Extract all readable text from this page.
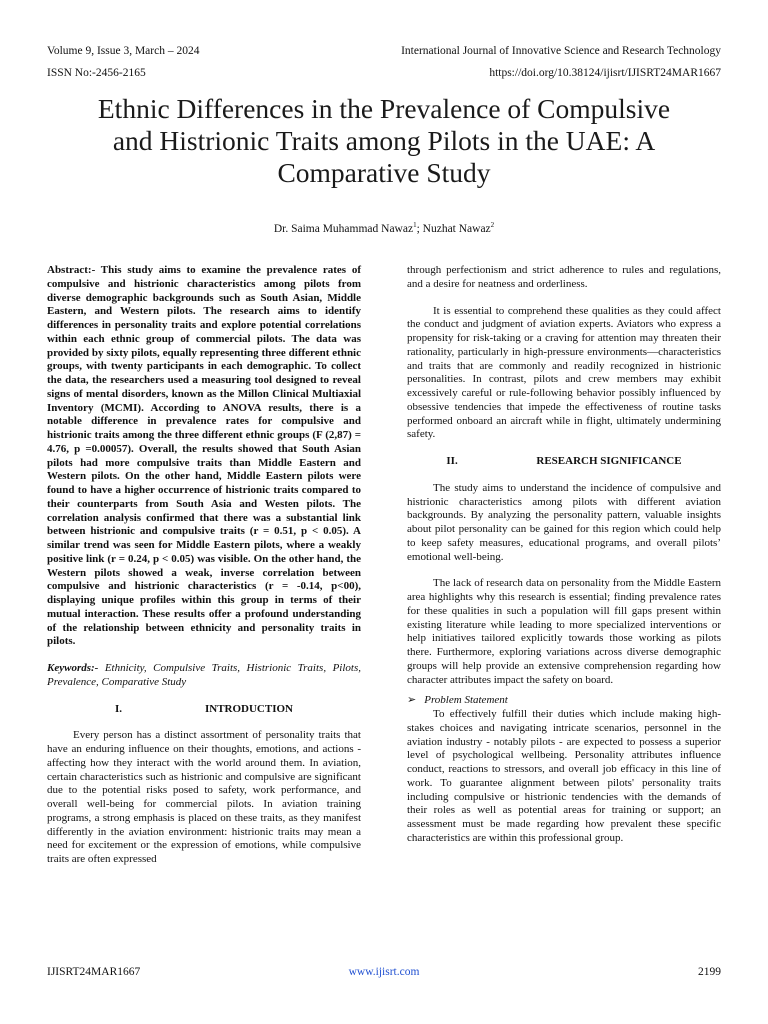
Volume 9, Issue 3, March – 2024	International Journal of Innovative Science and Research Technology
ISSN No:-2456-2165	https://doi.org/10.38124/ijisrt/IJISRT24MAR1667
Ethnic Differences in the Prevalence of Compulsive and Histrionic Traits among Pilots in the UAE: A Comparative Study
Dr. Saima Muhammad Nawaz$^1$; Nuzhat Nawaz$^2$

Abstract:- This study aims to examine the prevalence rates of compulsive and histrionic characteristics among pilots from diverse demographic backgrounds such as South Asian, Middle Eastern, and Western pilots. The research aims to identify differences in personality traits and explore potential correlations within each ethnic group of commercial pilots. The data was provided by sixty pilots, equally representing three different ethnic groups, with twenty participants in each demographic. To collect the data, the researchers used a measuring tool designed to reveal signs of mental disorders, known as the Millon Clinical Multiaxial Inventory (MCMI). According to ANOVA results, there is a notable difference in prevalence rates for compulsive and histrionic traits among the three different ethnic groups (F (2,87) = 4.76, p =0.00057). Overall, the results showed that South Asian pilots had more compulsive traits than Middle Eastern and Western pilots. On the other hand, Middle Eastern pilots were found to have a higher occurrence of histrionic traits compared to their counterparts from South Asia and Westen pilots. The correlation analysis confirmed that there was a substantial link between histrionic and compulsive traits (r = 0.51, p < 0.05). A similar trend was seen for Middle Eastern pilots, where a weakly positive link (r = 0.24, p < 0.05) was visible. On the other hand, the Western pilots showed a weak, inverse correlation between compulsive and histrionic characteristics (r = -0.14, p<00), displaying unique profiles within this group in terms of their mutual interaction. These results offer a profound understanding of the relationship between ethnicity and personality traits in pilots.

Keywords:- Ethnicity, Compulsive Traits, Histrionic Traits, Pilots, Prevalence, Comparative Study

I.	INTRODUCTION

Every person has a distinct assortment of personality traits that have an enduring influence on their thoughts, emotions, and actions - affecting how they interact with the world around them. In aviation, certain characteristics such as histrionic and compulsive are significant due to the potential risks posed to safety, work performance, and overall well-being for commercial pilots. In aviation training programs, a strong emphasis is placed on these traits, as they manifest differently in the aviation environment: histrionic traits may mean a need for excitement or the expression of emotions, while compulsive traits are often expressed

through perfectionism and strict adherence to rules and regulations, and a desire for neatness and orderliness.

It is essential to comprehend these qualities as they could affect the conduct and judgment of aviation experts. Aviators who express a propensity for risk-taking or a craving for attention may threaten their rationality, particularly in high-pressure environments—characteristics and traits that are commonly and readily recognized in histrionic personalities. In contrast, pilots and crew members may exhibit excessively careful or rule-following behavior possibly influenced by obsessive tendencies that impede the effectiveness of routine tasks performed onboard an aircraft while in flight, ultimately undermining safety.

II.	RESEARCH SIGNIFICANCE

The study aims to understand the incidence of compulsive and histrionic characteristics among pilots with different aviation backgrounds. By analyzing the personality pattern, valuable insights about pilot personality can be gained for this region which could help to keep safety measures, educational programs, and overall pilots’ emotional well-being.

The lack of research data on personality from the Middle Eastern area highlights why this research is essential; finding prevalence rates for these qualities in such a population will fill gaps present within existing literature while leading to more specialized interventions or help initiatives tailored explicitly towards those working as pilots there. Furthermore, exploring variations across diverse demographic groups will help provide an extensive comprehension regarding how character attributes impact the safety on board.

➢ Problem Statement

To effectively fulfill their duties which include making high-stakes choices and navigating intricate scenarios, personnel in the aviation industry - notably pilots - are expected to possess a superior level of psychological wellbeing. Personality attributes influence conduct, reactions to stressors, and overall job efficacy in this line of work. To guarantee alignment between pilots' personality traits including compulsive or histrionic tendencies with the demands of their roles as well as potential areas for training or support; an assessment must be made regarding how prevalent these specific characteristics are within this professional group.

IJISRT24MAR1667	www.ijisrt.com	2199
